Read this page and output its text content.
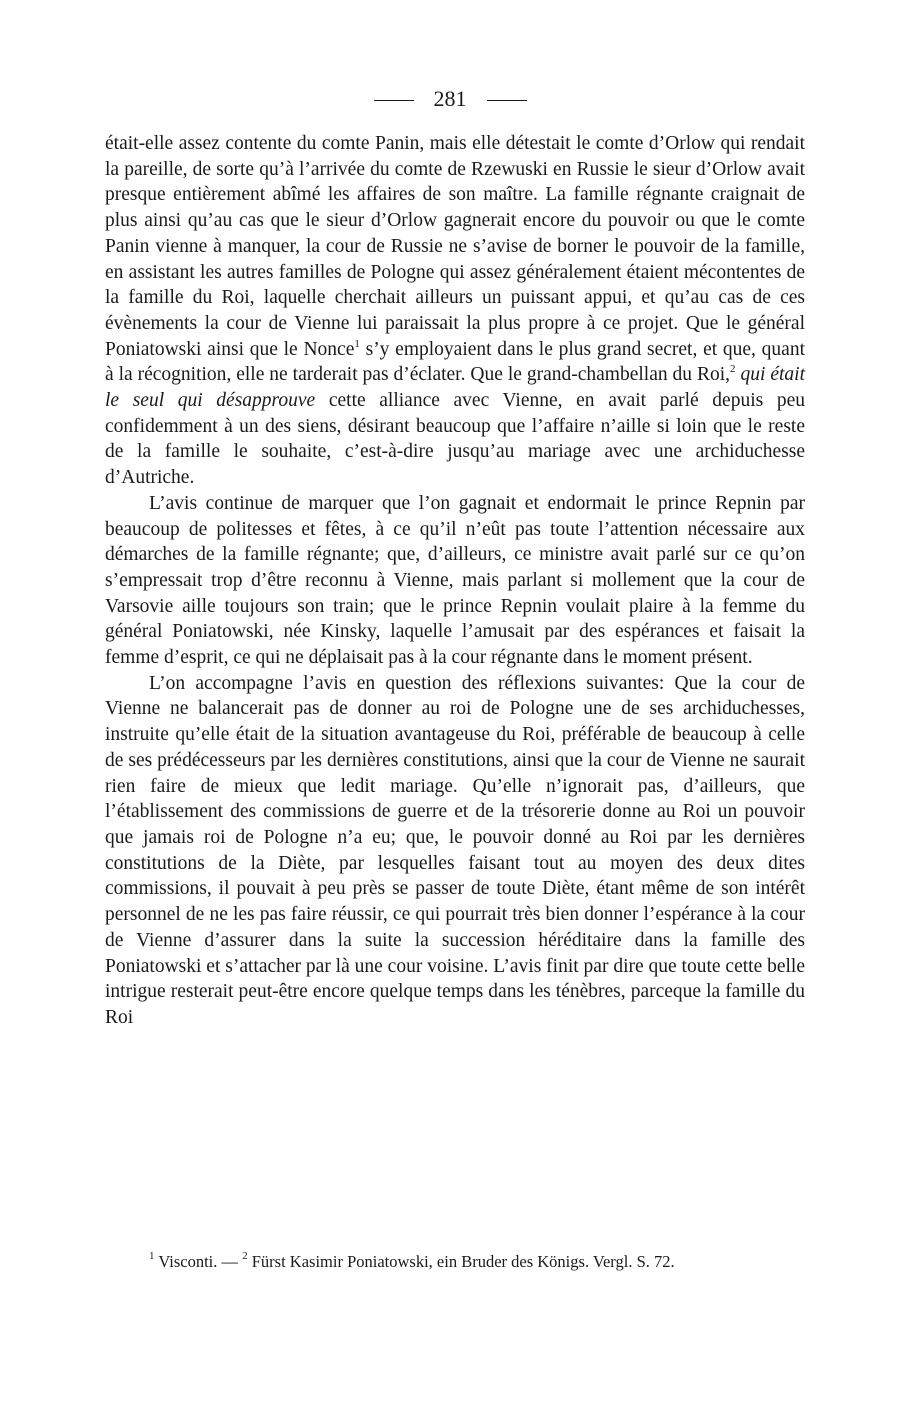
281

était-elle assez contente du comte Panin, mais elle détestait le comte d’Orlow qui rendait la pareille, de sorte qu’à l’arrivée du comte de Rzewuski en Russie le sieur d’Orlow avait presque entièrement abîmé les affaires de son maître. La famille régnante craignait de plus ainsi qu’au cas que le sieur d’Orlow gagnerait encore du pouvoir ou que le comte Panin vienne à manquer, la cour de Russie ne s’avise de borner le pouvoir de la famille, en assistant les autres familles de Pologne qui assez généralement étaient mécontentes de la famille du Roi, laquelle cherchait ailleurs un puissant appui, et qu’au cas de ces évènements la cour de Vienne lui paraissait la plus propre à ce projet. Que le général Poniatowski ainsi que le Nonce$^1$ s’y employaient dans le plus grand secret, et que, quant à la récognition, elle ne tarderait pas d’éclater. Que le grand-chambellan du Roi,$^2$ qui était le seul qui désapprouve cette alliance avec Vienne, en avait parlé depuis peu confidemment à un des siens, désirant beaucoup que l’affaire n’aille si loin que le reste de la famille le souhaite, c’est-à-dire jusqu’au mariage avec une archiduchesse d’Autriche.

L’avis continue de marquer que l’on gagnait et endormait le prince Repnin par beaucoup de politesses et fêtes, à ce qu’il n’eût pas toute l’attention nécessaire aux démarches de la famille régnante; que, d’ailleurs, ce ministre avait parlé sur ce qu’on s’empressait trop d’être reconnu à Vienne, mais parlant si mollement que la cour de Varsovie aille toujours son train; que le prince Repnin voulait plaire à la femme du général Poniatowski, née Kinsky, laquelle l’amusait par des espérances et faisait la femme d’esprit, ce qui ne déplaisait pas à la cour régnante dans le moment présent.

L’on accompagne l’avis en question des réflexions suivantes: Que la cour de Vienne ne balancerait pas de donner au roi de Pologne une de ses archiduchesses, instruite qu’elle était de la situation avantageuse du Roi, préférable de beaucoup à celle de ses prédécesseurs par les dernières constitutions, ainsi que la cour de Vienne ne saurait rien faire de mieux que ledit mariage. Qu’elle n’ignorait pas, d’ailleurs, que l’établissement des commissions de guerre et de la trésorerie donne au Roi un pouvoir que jamais roi de Pologne n’a eu; que, le pouvoir donné au Roi par les dernières constitutions de la Diète, par lesquelles faisant tout au moyen des deux dites commissions, il pouvait à peu près se passer de toute Diète, étant même de son intérêt personnel de ne les pas faire réussir, ce qui pourrait très bien donner l’espérance à la cour de Vienne d’assurer dans la suite la succession héréditaire dans la famille des Poniatowski et s’attacher par là une cour voisine. L’avis finit par dire que toute cette belle intrigue resterait peut-être encore quelque temps dans les ténèbres, parceque la famille du Roi

$^1$ Visconti. — $^2$ Fürst Kasimir Poniatowski, ein Bruder des Königs. Vergl. S. 72.
